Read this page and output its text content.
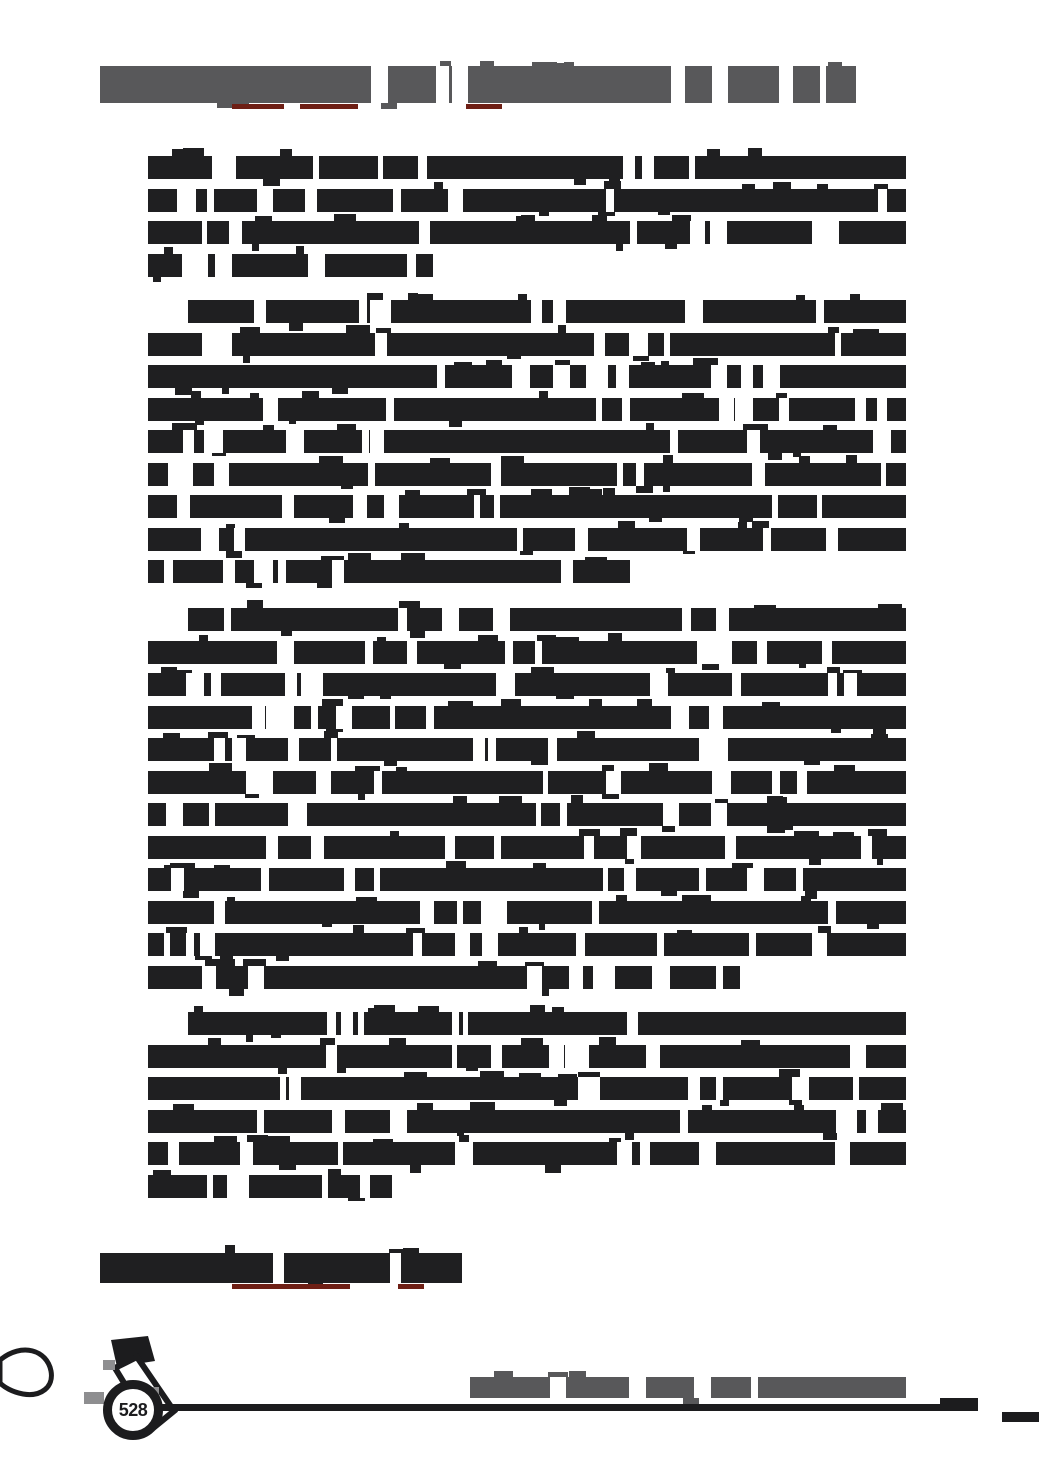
528
